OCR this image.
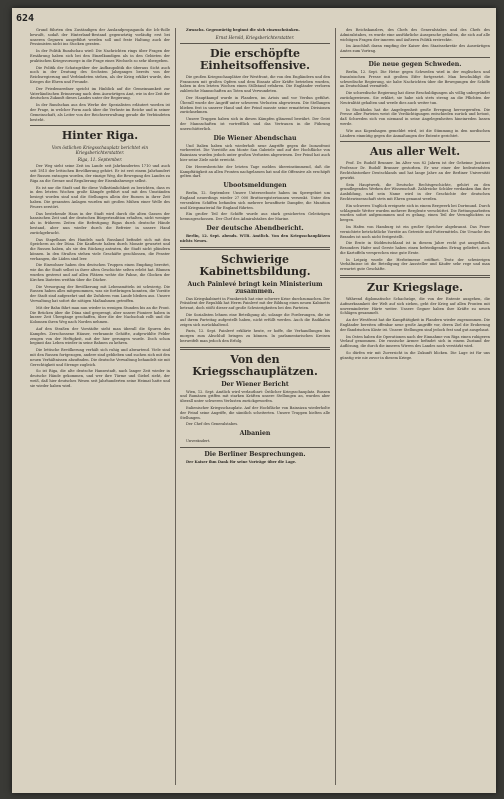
624

Grund führten den Zuständigen der Auslandpropaganda die Ich-Rolle bewußt, sodaß der Hinterland-Bestand gegenwärtig vorläufig erst bei unseren Gegnern ausgeführt werden soll und feste Haltung auch der Pessimisten nicht ins Stocken geraten.

In der Politik Rundschau wird: Die Nachrichten rings über Fragen der Ernährung haben sich bei den Einzelkundigen als in den Gebieten der praktischen Kriegsvorsorge in die Frage eines Wechsels so sehr übergeben.

Die Politik der Schatzgräber der Aufbaupolitik die überaus Sicht auch noch in der Deutung des Sechsten Jahrganges bereits von der Reichsregierung und Verbündeten stehen, als der Krieg erklärt wurde, des Krieges die Ehren und Freunde.

Der Friedensredner spricht im Hinblick auf die Gemeinsamkeit zur Vaterländischen Erinnerung nach dem Auswärtigen Amt, wie in der Zeit der deutschen Zukunft dieses Landes unter der Regierung.

In der Rundschau aus den Werke der Spezialisten erläutert worden ist der Frage, in welcher Form auch über die Verluste im Reiche und in seiner Gemeinschaft, als Leiter von der Reichsverwaltung gerade die Verbündeten besteht.

Hinter Riga.
Vom östlichen Kriegsschauplatz berichtet ein Kriegsberichterstatter.
Riga, 11. September.

Der Weg sieht seine Zeit im Lande seit Jahrhunderten 1710 und auch seit 1815 der lettischen Bevölkerung gehört. Er ist erst einem Jahrhundert der Russen entzogen worden, der einzige Weg, die Bewegung des Landes zu Riga an die Grenze und Regulierung der Eisenbahnwege selbst.

Es ist nur die Stadt und für diese Volkstümlichkeit zu berichten, dass es in den letzten Wochen große Kämpfe geführt und mit den Umständen besiegt worden sind und die Stellungen allein der Russen in ihrer Zeit haben. Die gesamten Anlagen wurden mit großen Mühen einer Welle des Feuers zerstört.

Das bestehende Haus in der Stadt wird durch die alten Gassen der hansischen Zeit und der deutschen Bürgertradition erhalten, nicht weniger als in früheren Zeiten die Befestigung Rigas durch deutsche Hände bestand, aber nun wieder durch die Befreier in unsere Hand zurückgebracht.

Das Stapelhaus des Handels nach Russland befindet sich mit den Speichern an der Düna. Die Kaufleute haben durch Monate gewartet und die Russen haben, als sie den Rückzug antraten, die Stadt nicht plündern können. In den Straßen stehen viele Geschäfte geschlossen, die Fenster verhangen, die Läden sind leer.

Die Einwohner haben den deutschen Truppen einen Empfang bereitet, wie ihn die Stadt selbst in ihrer alten Geschichte selten erlebt hat. Blumen wurden gestreut und auf allen Plätzen wehte die Fahne, die Glocken der Kirchen läuteten weithin über die Dächer.

Die Versorgung der Bevölkerung mit Lebensmitteln ist schwierig. Die Russen haben alles mitgenommen, was sie fortbringen konnten, die Vorräte der Stadt sind aufgezehrt und die Zufuhren vom Lande bleiben aus. Unsere Verwaltung hat sofort die nötigen Maßnahmen getroffen.

Mit der Bahn fährt man nun wieder in wenigen Stunden bis an die Front. Die Brücken über die Düna sind gesprengt, aber unsere Pioniere haben in kurzer Zeit Übergänge geschaffen, über die der Nachschub rollt und die Kolonnen ihren Weg nach Norden nehmen.

Auf den Straßen der Vorstädte sieht man überall die Spuren des Kampfes. Zerschossene Häuser, verbrannte Gehöfte, aufgewühlte Felder zeugen von der Heftigkeit, mit der hier gerungen wurde. Doch schon beginnt das Leben wieder in seine Bahnen zu kehren.

Die lettische Bevölkerung verhält sich ruhig und abwartend. Viele sind mit den Russen fortgezogen, andere sind geblieben und suchen sich mit den neuen Verhältnissen abzufinden. Die deutsche Verwaltung behandelt sie mit Gerechtigkeit und Strenge zugleich.

So ist Riga, die alte deutsche Hansestadt, nach langer Zeit wieder in deutsche Hände gekommen, und wer ihre Türme und Giebel sieht, der weiß, daß hier deutsches Wesen seit Jahrhunderten seine Heimat hatte und sie wieder haben wird.

Zuwachs. Gegenwärtig beginnt die sich einzuschränken.

Ernst Herold, Kriegsberichterstatter.
Die erschöpfte Einheitsoffensive.

Die großen Kriegsschauplätze der Westfront, die von den Engländern und den Franzosen mit großen Opfern und dem Einsatz aller Kräfte betrieben wurden, haben in den letzten Wochen einen Stillstand erfahren. Die Engländer verloren zahlreiche Mannschaften an Toten und Verwundeten.

Der Hauptkampf wurde in Flandern, im Artois und vor Verdun geführt. Überall wurde der Angriff unter schweren Verlusten abgewiesen. Die Stellungen blieben fest in unserer Hand und der Feind musste seine ermatteten Divisionen zurücknehmen.

Unsere Truppen haben sich in diesen Kämpfen glänzend bewährt. Der Geist der Mannschaften ist vortrefflich und das Vertrauen in die Führung unerschütterlich.

Die Wiener Abendschau

Und Italien haben sich wiederholt neue Angriffe gegen die Isonzofront vorbereitet. Die Vorstöße am Monte San Gabriele und auf der Hochfläche von Bainsizza wurden jedoch unter großen Verlusten abgewiesen. Der Feind hat auch hier seine Ziele nicht erreicht.

Die Heeresberichte der letzten Tage melden übereinstimmend, daß die Kampftätigkeit an allen Fronten nachgelassen hat und die Offensive als erschöpft gelten darf.

Ubootsmeldungen

Berlin, 12. September. Unsere Unterseeboote haben im Sperrgebiet um England neuerdings wieder 27 000 Bruttoregistertonnen versenkt. Unter den versenkten Schiffen befanden sich mehrere bewaffnete Dampfer, die Munition und Kriegsmaterial für England führten.

Ein großer Teil der Schiffe wurde aus stark gesicherten Geleitzügen herausgeschossen. Der Chef des Admiralstabes der Marine.

Der deutsche Abendbericht.

Berlin, 12. Sept. abends. WTB. Amtlich. Von den Kriegsschauplätzen nichts Neues.

Schwierige Kabinettsbildung.
Auch Painlevé bringt kein Ministerium zusammen.

Das Kriegskabinett in Frankreich hat eine schwere Krise durchzumachen. Der Präsident der Republik hat Herrn Painlevé mit der Bildung eines neuen Kabinetts betraut, doch stößt dieser auf große Schwierigkeiten bei den Parteien.

Die Sozialisten lehnen eine Beteiligung ab, solange die Forderungen, die sie auf ihrem Parteitag aufgestellt haben, nicht erfüllt werden. Auch die Radikalen zeigen sich zurückhaltend.

Paris, 12. Sept. Painlevé erklärte heute, er hoffe, die Verhandlungen bis morgen zum Abschluß bringen zu können. In parlamentarischen Kreisen bezweifelt man jedoch den Erfolg.

Von den Kriegsschauplätzen.
Der Wiener Bericht

Wien, 12. Sept. Amtlich wird verlautbart: Östlicher Kriegsschauplatz. Russen und Rumänen griffen mit starken Kräften unsere Stellungen an, wurden aber überall unter schweren Verlusten zurückgeworfen.

Italienischer Kriegsschauplatz. Auf der Hochfläche von Bainsizza wiederholte der Feind seine Angriffe, die sämtlich scheiterten. Unsere Truppen hielten alle Stellungen.

Der Chef des Generalstabes.

Albanien

Unverändert.

Die Berliner Besprechungen.

Der Kaiser ihm Dank für seine Vorträge über die Lage.

des Reichskanzlers, des Chefs des Generalstabes und des Chefs des Admiralstabes, es wurde eine ausführliche Aussprache gehalten, die sich auf alle wichtigen Fragen der inneren und äußeren Politik erstreckte.

Im Anschluß daran empfing der Kaiser den Staatssekretär des Auswärtigen Amtes zum Vortrag.

Die neue gegen Schweden.

Berlin, 12. Sept. Die Hetze gegen Schweden wird in der englischen und französischen Presse mit großem Eifer fortgesetzt. Man beschuldigt die schwedische Regierung, sie habe Nachrichten über die Bewegungen der Schiffe an Deutschland vermittelt.

Die schwedische Regierung hat diese Beschuldigungen als völlig unbegründet zurückgewiesen. Sie erklärt, sie habe sich stets streng an die Pflichten der Neutralität gehalten und werde dies auch weiter tun.

In Stockholm hat die Angelegenheit große Erregung hervorgerufen. Die Presse aller Parteien weist die Verdächtigungen entschieden zurück und betont, daß Schweden sich von niemand in seine Angelegenheiten hineinreden lassen werde.

Wie aus Kopenhagen gemeldet wird, ist die Stimmung in den nordischen Ländern einmütig gegen die Anmaßungen der Entente gerichtet.

Aus aller Welt.

Prof. Dr. Rudolf Brunner. Im Alter von 82 Jahren ist der Geheime Justizrat Professor Dr. Rudolf Brunner gestorben. Er war einer der bedeutendsten Rechtshistoriker Deutschlands und hat lange Jahre an der Berliner Universität gewirkt.

Sein Hauptwerk, die Deutsche Rechtsgeschichte, gehört zu den grundlegenden Werken der Wissenschaft. Zahlreiche Schüler verdanken ihm ihre Ausbildung, und sein Name wird in der Geschichte der deutschen Rechtswissenschaft stets mit Ehren genannt werden.

Ein schweres Unglück ereignete sich in einem Bergwerk bei Dortmund. Durch schlagende Wetter wurden mehrere Bergleute verschüttet. Die Rettungsarbeiten wurden sofort aufgenommen und es gelang, einen Teil der Verunglückten zu bergen.

Im Hafen von Hamburg ist ein großer Speicher abgebrannt. Das Feuer vernichtete beträchtliche Vorräte an Getreide und Futtermitteln. Die Ursache des Brandes ist noch nicht festgestellt.

Die Ernte in Süddeutschland ist in diesem Jahre recht gut ausgefallen. Besonders Hafer und Gerste haben einen befriedigenden Ertrag geliefert, auch die Kartoffeln versprechen eine gute Ernte.

In Leipzig wurde die Herbstmesse eröffnet. Trotz der schwierigen Verhältnisse ist die Beteiligung der Aussteller und Käufer sehr rege und man erwartet gute Geschäfte.

Zur Kriegslage.

Während diplomatische Schachzüge, die von der Entente ausgehen, die Aufmerksamkeit der Welt auf sich ziehen, geht der Krieg auf allen Fronten mit unverminderter Härte weiter. Unsere Gegner haben ihre Kräfte zu neuen Schlägen gesammelt.

An der Westfront hat die Kampftätigkeit in Flandern wieder zugenommen. Die Engländer bereiten offenbar neue große Angriffe vor, deren Ziel die Eroberung der flandrischen Küste ist. Unsere Stellungen sind jedoch fest und gut ausgebaut.

Im Osten haben die Operationen nach der Einnahme von Riga einen ruhigeren Verlauf genommen. Die russische Armee befindet sich in einem Zustand der Auflösung, die durch die inneren Wirren des Landes noch verstärkt wird.

So dürfen wir mit Zuversicht in die Zukunft blicken. Die Lage ist für uns günstig wie nie zuvor in diesem Kriege.
